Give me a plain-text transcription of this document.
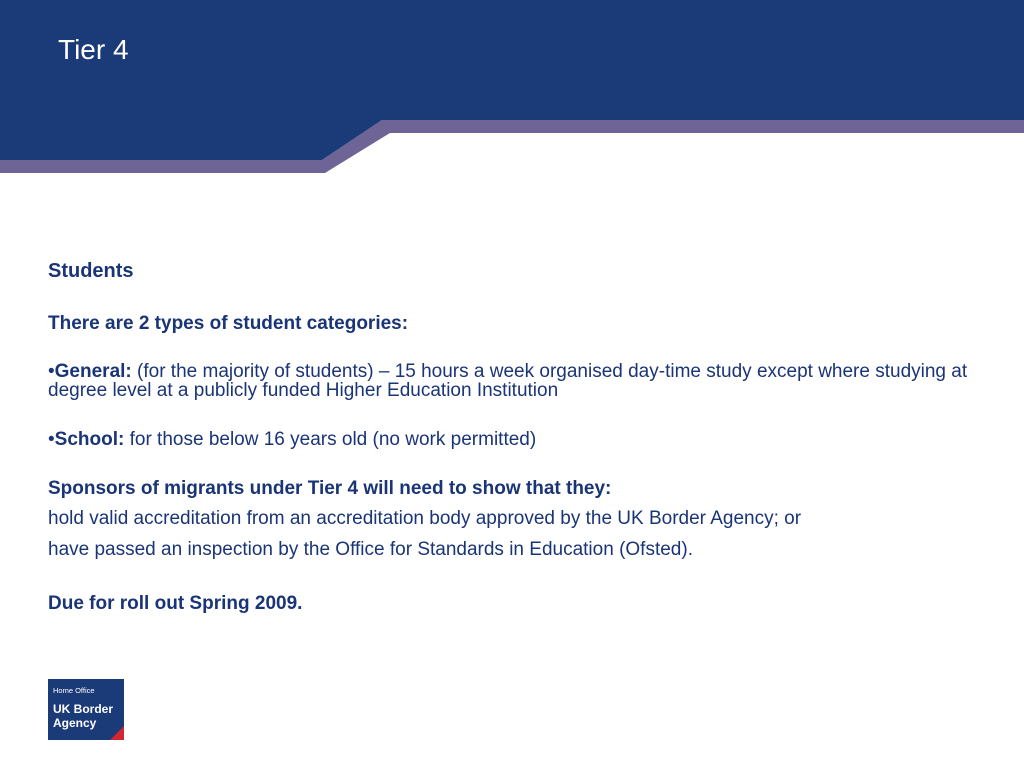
Tier 4

Students

There are 2 types of student categories:

•General: (for the majority of students) – 15 hours a week organised day-time study except where studying at degree level at a publicly funded Higher Education Institution

•School: for those below 16 years old (no work permitted)

Sponsors of migrants under Tier 4 will need to show that they:

hold valid accreditation from an accreditation body approved by the UK Border Agency; or

have passed an inspection by the Office for Standards in Education (Ofsted).

Due for roll out Spring 2009.

Home Office
UK Border
Agency
